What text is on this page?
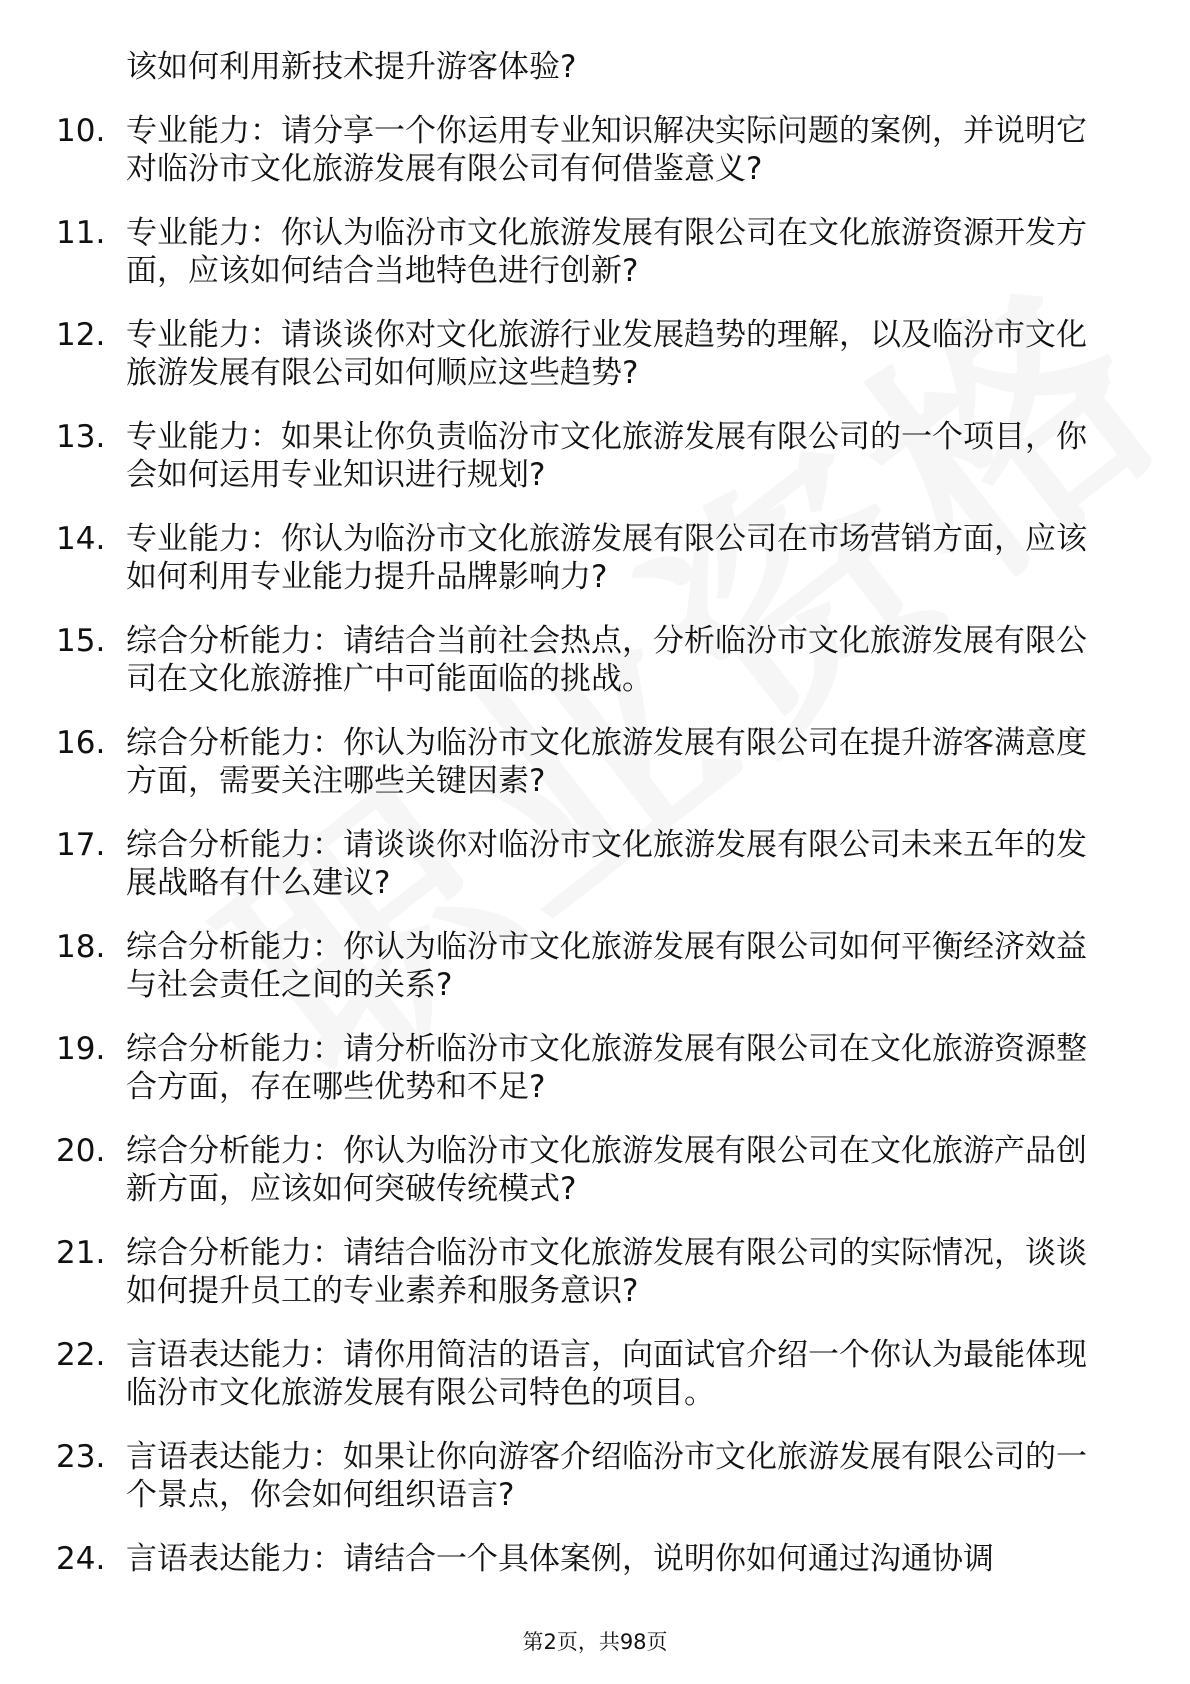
该如何利用新技术提升游客体验?
10. 专业能力：请分享一个你运用专业知识解决实际问题的案例，并说明它对临汾市文化旅游发展有限公司有何借鉴意义?
11. 专业能力：你认为临汾市文化旅游发展有限公司在文化旅游资源开发方面，应该如何结合当地特色进行创新?
12. 专业能力：请谈谈你对文化旅游行业发展趋势的理解，以及临汾市文化旅游发展有限公司如何顺应这些趋势?
13. 专业能力：如果让你负责临汾市文化旅游发展有限公司的一个项目，你会如何运用专业知识进行规划?
14. 专业能力：你认为临汾市文化旅游发展有限公司在市场营销方面，应该如何利用专业能力提升品牌影响力?
15. 综合分析能力：请结合当前社会热点，分析临汾市文化旅游发展有限公司在文化旅游推广中可能面临的挑战。
16. 综合分析能力：你认为临汾市文化旅游发展有限公司在提升游客满意度方面，需要关注哪些关键因素?
17. 综合分析能力：请谈谈你对临汾市文化旅游发展有限公司未来五年的发展战略有什么建议?
18. 综合分析能力：你认为临汾市文化旅游发展有限公司如何平衡经济效益与社会责任之间的关系?
19. 综合分析能力：请分析临汾市文化旅游发展有限公司在文化旅游资源整合方面，存在哪些优势和不足?
20. 综合分析能力：你认为临汾市文化旅游发展有限公司在文化旅游产品创新方面，应该如何突破传统模式?
21. 综合分析能力：请结合临汾市文化旅游发展有限公司的实际情况，谈谈如何提升员工的专业素养和服务意识?
22. 言语表达能力：请你用简洁的语言，向面试官介绍一个你认为最能体现临汾市文化旅游发展有限公司特色的项目。
23. 言语表达能力：如果让你向游客介绍临汾市文化旅游发展有限公司的一个景点，你会如何组织语言?
24. 言语表达能力：请结合一个具体案例，说明你如何通过沟通协调
第2页，共98页
